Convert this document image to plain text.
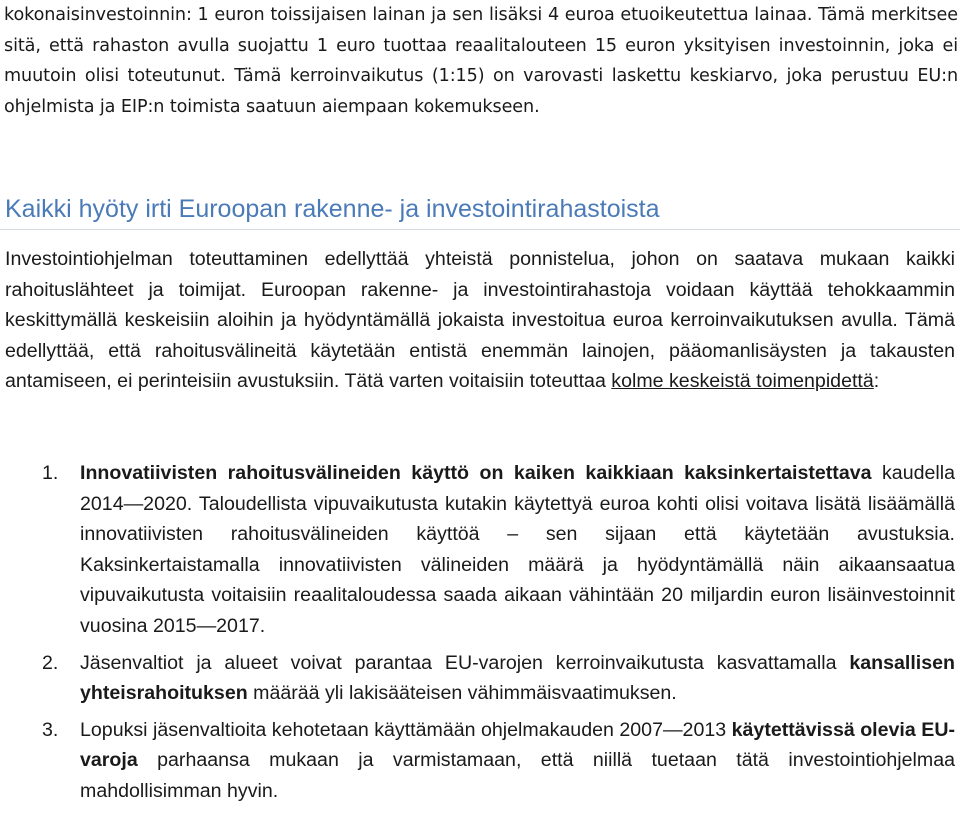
kokonaisinvestoinnin: 1 euron toissijaisen lainan ja sen lisäksi 4 euroa etuoikeutettua lainaa. Tämä merkitsee sitä, että rahaston avulla suojattu 1 euro tuottaa reaalitalouteen 15 euron yksityisen investoinnin, joka ei muutoin olisi toteutunut. Tämä kerroinvaikutus (1:15) on varovasti laskettu keskiarvo, joka perustuu EU:n ohjelmista ja EIP:n toimista saatuun aiempaan kokemukseen.

Kaikki hyöty irti Euroopan rakenne- ja investointirahastoista

Investointiohjelman toteuttaminen edellyttää yhteistä ponnistelua, johon on saatava mukaan kaikki rahoituslähteet ja toimijat. Euroopan rakenne- ja investointirahastoja voidaan käyttää tehokkaammin keskittymällä keskeisiin aloihin ja hyödyntämällä jokaista investoitua euroa kerroinvaikutuksen avulla. Tämä edellyttää, että rahoitusvälineitä käytetään entistä enemmän lainojen, pääomanlisäysten ja takausten antamiseen, ei perinteisiin avustuksiin. Tätä varten voitaisiin toteuttaa kolme keskeistä toimenpidettä:

1. Innovatiivisten rahoitusvälineiden käyttö on kaiken kaikkiaan kaksinkertaistettava kaudella 2014—2020. Taloudellista vipuvaikutusta kutakin käytettyä euroa kohti olisi voitava lisätä lisäämällä innovatiivisten rahoitusvälineiden käyttöä – sen sijaan että käytetään avustuksia. Kaksinkertaistamalla innovatiivisten välineiden määrä ja hyödyntämällä näin aikaansaatua vipuvaikutusta voitaisiin reaalitaloudessa saada aikaan vähintään 20 miljardin euron lisäinvestoinnit vuosina 2015—2017.
2. Jäsenvaltiot ja alueet voivat parantaa EU-varojen kerroinvaikutusta kasvattamalla kansallisen yhteisrahoituksen määrää yli lakisääteisen vähimmäisvaatimuksen.
3. Lopuksi jäsenvaltioita kehotetaan käyttämään ohjelmakauden 2007—2013 käytettävissä olevia EU-varoja parhaansa mukaan ja varmistamaan, että niillä tuetaan tätä investointiohjelmaa mahdollisimman hyvin.
